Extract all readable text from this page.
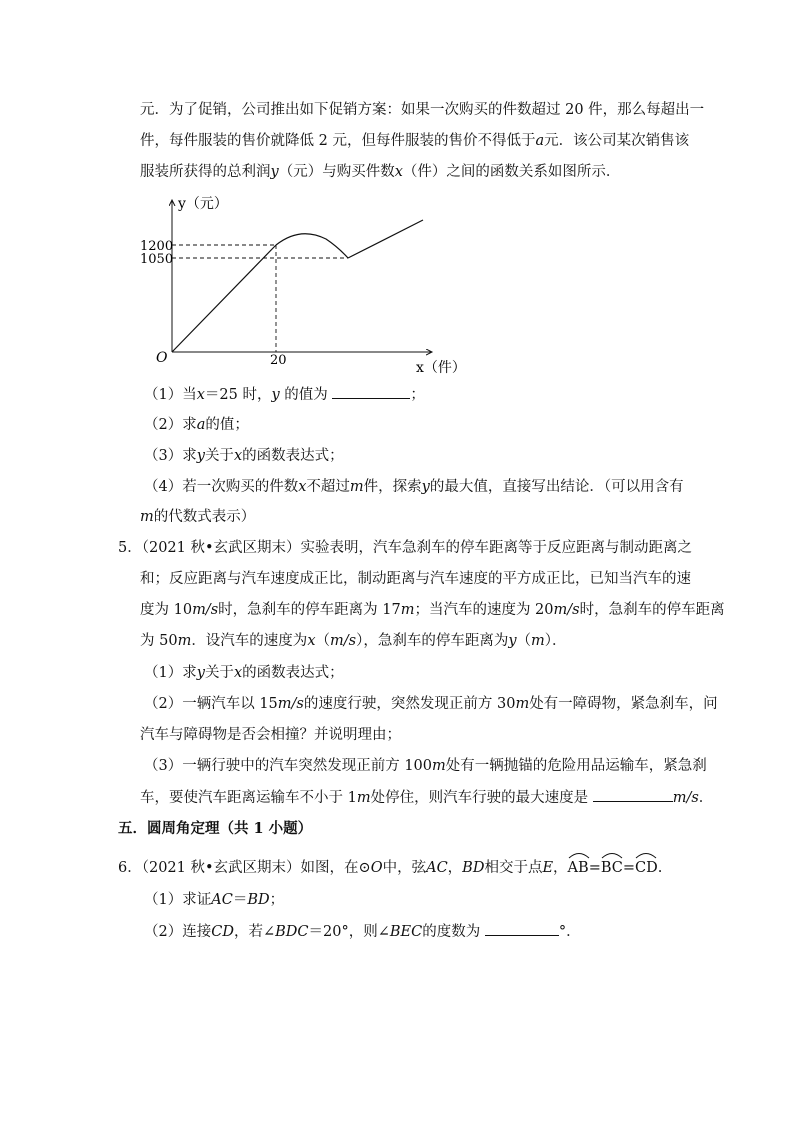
元．为了促销，公司推出如下促销方案：如果一次购买的件数超过 20 件，那么每超出一
件，每件服装的售价就降低 2 元，但每件服装的售价不得低于a元．该公司某次销售该
服装所获得的总利润y（元）与购买件数x（件）之间的函数关系如图所示．
y（元）
1200
1050
O	20	x（件）
（1）当x＝25 时，y 的值为	；
（2）求a的值；
（3）求y关于x的函数表达式；
（4）若一次购买的件数x不超过m件，探索y的最大值，直接写出结论．（可以用含有
m的代数式表示）
5．（2021 秋•玄武区期末）实验表明，汽车急刹车的停车距离等于反应距离与制动距离之
和；反应距离与汽车速度成正比，制动距离与汽车速度的平方成正比，已知当汽车的速
度为 10m/s时，急刹车的停车距离为 17m；当汽车的速度为 20m/s时，急刹车的停车距离
为 50m．设汽车的速度为x（m/s），急刹车的停车距离为y（m）．
（1）求y关于x的函数表达式；
（2）一辆汽车以 15m/s的速度行驶，突然发现正前方 30m处有一障碍物，紧急刹车，问
汽车与障碍物是否会相撞？并说明理由；
（3）一辆行驶中的汽车突然发现正前方 100m处有一辆抛锚的危险用品运输车，紧急刹
车，要使汽车距离运输车不小于 1m处停住，则汽车行驶的最大速度是	m/s．
五．圆周角定理（共 1 小题）
6．（2021 秋•玄武区期末）如图，在⊙O中，弦AC，BD相交于点E，
AB=
BC=
CD.
（1）求证AC＝BD；
（2）连接CD，若∠BDC＝20°，则∠BEC的度数为	°．
